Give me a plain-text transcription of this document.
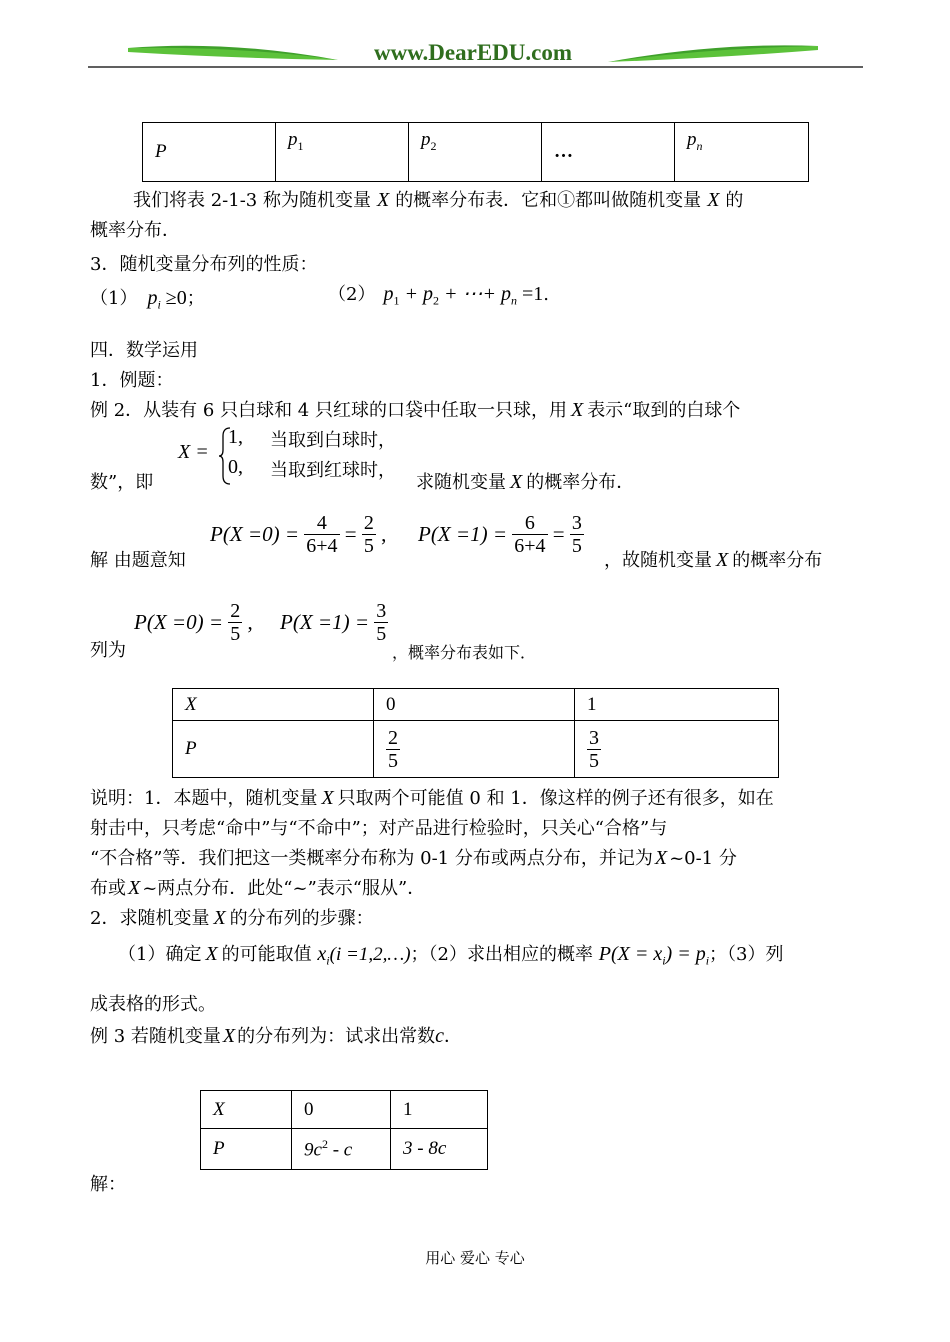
www.DearEDU.com
P	$p_1$	$p_2$	…	$p_n$
我们将表 2-1-3 称为随机变量 X 的概率分布表．它和①都叫做随机变量 X 的
概率分布．
3．随机变量分布列的性质：
（1） $p_i \ge 0$；	（2） $p_1 + p_2$ + ⋯+ $p_n =1$.
四．数学运用
1．例题：
例 2．从装有 6 只白球和 4 只红球的口袋中任取一只球，用 X 表示“取到的白球个
X =
1, 当取到白球时，
0, 当取到红球时，
数”，即	求随机变量 X 的概率分布．
解 由题意知
$P(X =0) = \frac{4}{6+4} = \frac{2}{5}$ , $P(X =1) = \frac{6}{6+4} = \frac{3}{5}$
，故随机变量 X 的概率分布
列为
$P(X =0) = \frac{2}{5}$ , $P(X =1) = \frac{3}{5}$
，概率分布表如下．
X	0	1
P	$\frac{2}{5}$	$\frac{3}{5}$
说明：1．本题中，随机变量 X 只取两个可能值 0 和 1．像这样的例子还有很多，如在
射击中，只考虑“命中”与“不命中”；对产品进行检验时，只关心“合格”与
“不合格”等．我们把这一类概率分布称为 0-1 分布或两点分布，并记为 X ~0-1 分
布或 X ~两点分布．此处“~”表示“服从”．
2．求随机变量 X 的分布列的步骤：
（1）确定 X 的可能取值 $x_i(i$ =1,2,…)；（2）求出相应的概率 $P(X = x_i) = p_i$；（3）列
成表格的形式。
例 3 若随机变量 X 的分布列为：试求出常数c．
X	0	1
P	$9c^2$ - c	3 - 8c
解：
用心 爱心 专心
